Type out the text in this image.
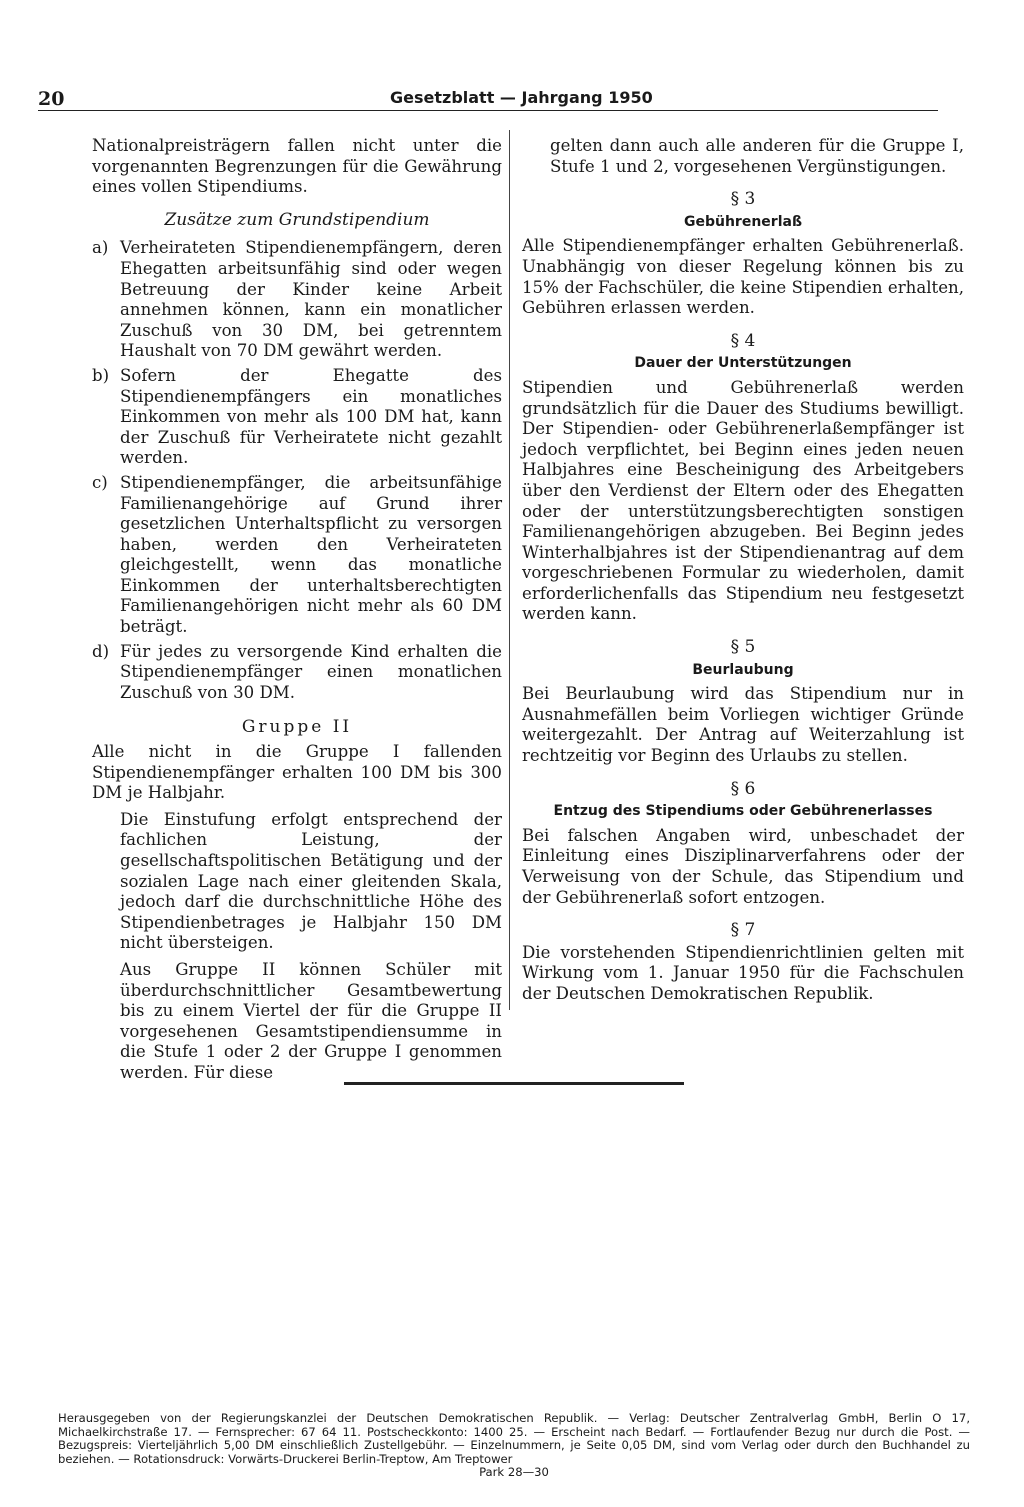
20	Gesetzblatt — Jahrgang 1950

Nationalpreisträgern fallen nicht unter die vorgenannten Begrenzungen für die Gewährung eines vollen Stipendiums.

Zusätze zum Grundstipendium
a) Verheirateten Stipendienempfängern, deren Ehegatten arbeitsunfähig sind oder wegen Betreuung der Kinder keine Arbeit annehmen können, kann ein monatlicher Zuschuß von 30 DM, bei getrenntem Haushalt von 70 DM gewährt werden.
b) Sofern der Ehegatte des Stipendienempfängers ein monatliches Einkommen von mehr als 100 DM hat, kann der Zuschuß für Verheiratete nicht gezahlt werden.
c) Stipendienempfänger, die arbeitsunfähige Familienangehörige auf Grund ihrer gesetzlichen Unterhaltspflicht zu versorgen haben, werden den Verheirateten gleichgestellt, wenn das monatliche Einkommen der unterhaltsberechtigten Familienangehörigen nicht mehr als 60 DM beträgt.
d) Für jedes zu versorgende Kind erhalten die Stipendienempfänger einen monatlichen Zuschuß von 30 DM.
Gruppe II

Alle nicht in die Gruppe I fallenden Stipendienempfänger erhalten 100 DM bis 300 DM je Halbjahr.

Die Einstufung erfolgt entsprechend der fachlichen Leistung, der gesellschaftspolitischen Betätigung und der sozialen Lage nach einer gleitenden Skala, jedoch darf die durchschnittliche Höhe des Stipendienbetrages je Halbjahr 150 DM nicht übersteigen.

Aus Gruppe II können Schüler mit überdurchschnittlicher Gesamtbewertung bis zu einem Viertel der für die Gruppe II vorgesehenen Gesamtstipendiensumme in die Stufe 1 oder 2 der Gruppe I genommen werden. Für diese

gelten dann auch alle anderen für die Gruppe I, Stufe 1 und 2, vorgesehenen Vergünstigungen.

§ 3
Gebührenerlaß

Alle Stipendienempfänger erhalten Gebührenerlaß. Unabhängig von dieser Regelung können bis zu 15% der Fachschüler, die keine Stipendien erhalten, Gebühren erlassen werden.

§ 4
Dauer der Unterstützungen

Stipendien und Gebührenerlaß werden grundsätzlich für die Dauer des Studiums bewilligt. Der Stipendien- oder Gebührenerlaßempfänger ist jedoch verpflichtet, bei Beginn eines jeden neuen Halbjahres eine Bescheinigung des Arbeitgebers über den Verdienst der Eltern oder des Ehegatten oder der unterstützungsberechtigten sonstigen Familienangehörigen abzugeben. Bei Beginn jedes Winterhalbjahres ist der Stipendienantrag auf dem vorgeschriebenen Formular zu wiederholen, damit erforderlichenfalls das Stipendium neu festgesetzt werden kann.

§ 5
Beurlaubung

Bei Beurlaubung wird das Stipendium nur in Ausnahmefällen beim Vorliegen wichtiger Gründe weitergezahlt. Der Antrag auf Weiterzahlung ist rechtzeitig vor Beginn des Urlaubs zu stellen.

§ 6
Entzug des Stipendiums oder Gebührenerlasses

Bei falschen Angaben wird, unbeschadet der Einleitung eines Disziplinarverfahrens oder der Verweisung von der Schule, das Stipendium und der Gebührenerlaß sofort entzogen.

§ 7

Die vorstehenden Stipendienrichtlinien gelten mit Wirkung vom 1. Januar 1950 für die Fachschulen der Deutschen Demokratischen Republik.

Herausgegeben von der Regierungskanzlei der Deutschen Demokratischen Republik. — Verlag: Deutscher Zentralverlag GmbH, Berlin O 17, Michaelkirchstraße 17. — Fernsprecher: 67 64 11. Postscheckkonto: 1400 25. — Erscheint nach Bedarf. — Fortlaufender Bezug nur durch die Post. — Bezugspreis: Vierteljährlich 5,00 DM einschließlich Zustellgebühr. — Einzelnummern, je Seite 0,05 DM, sind vom Verlag oder durch den Buchhandel zu beziehen. — Rotationsdruck: Vorwärts-Druckerei Berlin-Treptow, Am Treptower
Park 28—30
